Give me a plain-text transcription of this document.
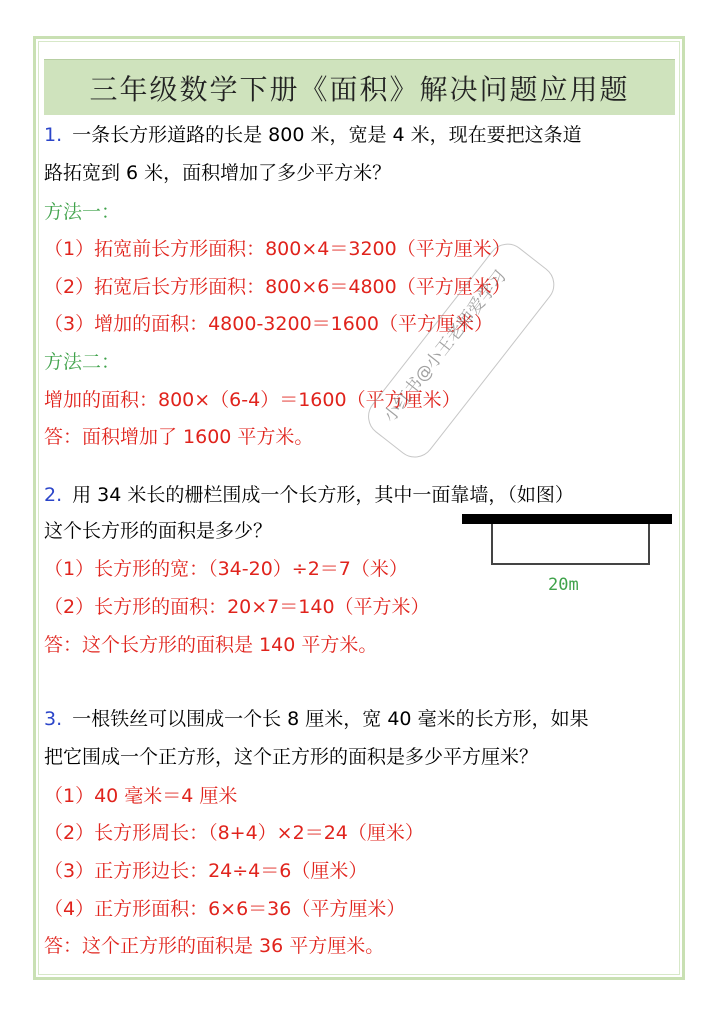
三年级数学下册《面积》解决问题应用题
1. 一条长方形道路的长是 800 米，宽是 4 米，现在要把这条道
路拓宽到 6 米，面积增加了多少平方米？
方法一：
（1）拓宽前长方形面积：800×4＝3200（平方厘米）
（2）拓宽后长方形面积：800×6＝4800（平方厘米）
（3）增加的面积：4800-3200＝1600（平方厘米）
方法二：
增加的面积：800×（6-4）＝1600（平方厘米）
答：面积增加了 1600 平方米。
2. 用 34 米长的栅栏围成一个长方形，其中一面靠墙，（如图）
这个长方形的面积是多少？
（1）长方形的宽：（34-20）÷2＝7（米）
（2）长方形的面积：20×7＝140（平方米）
答：这个长方形的面积是 140 平方米。
20m
3. 一根铁丝可以围成一个长 8 厘米，宽 40 毫米的长方形，如果
把它围成一个正方形，这个正方形的面积是多少平方厘米？
（1）40 毫米＝4 厘米
（2）长方形周长：（8+4）×2＝24（厘米）
（3）正方形边长：24÷4＝6（厘米）
（4）正方形面积：6×6＝36（平方厘米）
答：这个正方形的面积是 36 平方厘米。
小红书@小王老师爱学习
